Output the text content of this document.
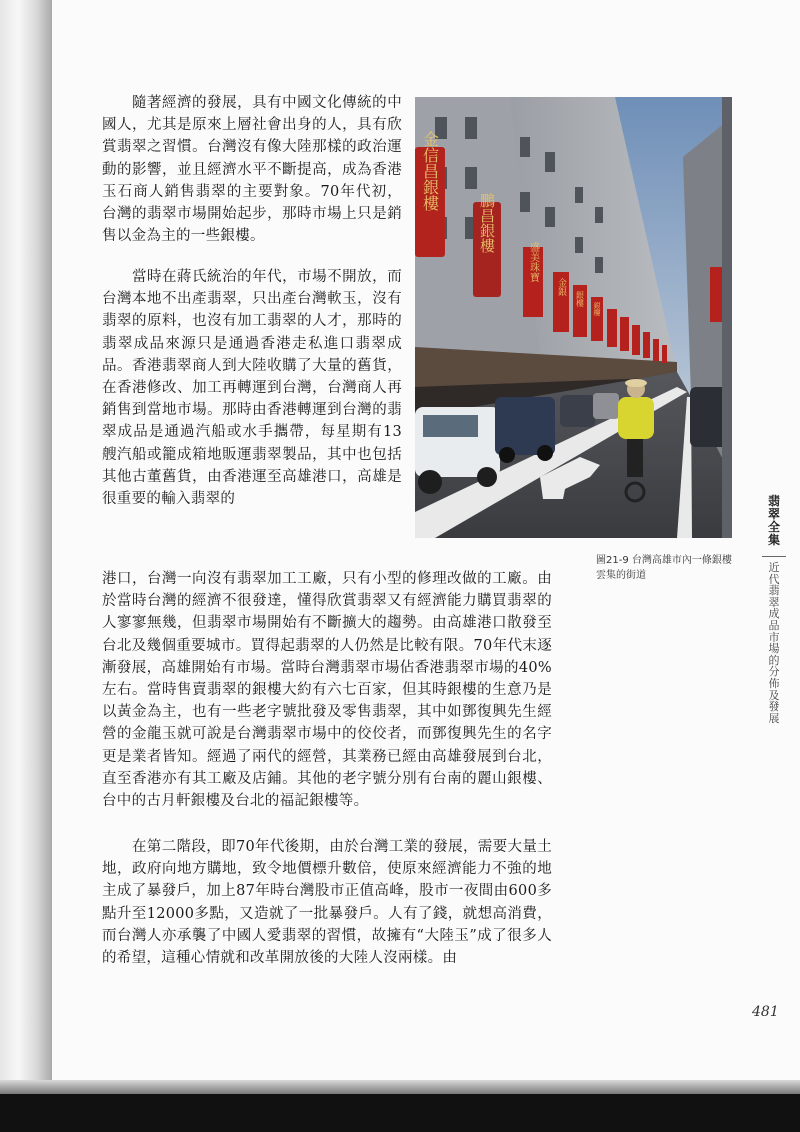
隨著經濟的發展，具有中國文化傳統的中國人，尤其是原來上層社會出身的人，具有欣賞翡翠之習慣。台灣沒有像大陸那樣的政治運動的影響，並且經濟水平不斷提高，成為香港玉石商人銷售翡翠的主要對象。70年代初，台灣的翡翠市場開始起步，那時市場上只是銷售以金為主的一些銀樓。

當時在蔣氏統治的年代，市場不開放，而台灣本地不出產翡翠，只出產台灣軟玉，沒有翡翠的原料，也沒有加工翡翠的人才，那時的翡翠成品來源只是通過香港走私進口翡翠成品。香港翡翠商人到大陸收購了大量的舊貨，在香港修改、加工再轉運到台灣，台灣商人再銷售到當地市場。那時由香港轉運到台灣的翡翠成品是通過汽船或水手攜帶，每星期有13艘汽船或籠成箱地販運翡翠製品，其中也包括其他古董舊貨，由香港運至高雄港口，高雄是很重要的輸入翡翠的

港口，台灣一向沒有翡翠加工工廠，只有小型的修理改做的工廠。由於當時台灣的經濟不很發達，懂得欣賞翡翠又有經濟能力購買翡翠的人寥寥無幾，但翡翠市場開始有不斷擴大的趨勢。由高雄港口散發至台北及幾個重要城市。買得起翡翠的人仍然是比較有限。70年代末逐漸發展，高雄開始有市場。當時台灣翡翠市場佔香港翡翠市場的40%左右。當時售賣翡翠的銀樓大約有六七百家，但其時銀樓的生意乃是以黃金為主，也有一些老字號批發及零售翡翠，其中如鄧復興先生經營的金龍玉就可說是台灣翡翠市場中的佼佼者，而鄧復興先生的名字更是業者皆知。經過了兩代的經營，其業務已經由高雄發展到台北，直至香港亦有其工廠及店鋪。其他的老字號分別有台南的麗山銀樓、台中的古月軒銀樓及台北的福記銀樓等。

在第二階段，即70年代後期，由於台灣工業的發展，需要大量土地，政府向地方購地，致令地價標升數倍，使原來經濟能力不強的地主成了暴發戶，加上87年時台灣股市正值高峰，股市一夜間由600多點升至12000多點，又造就了一批暴發戶。人有了錢，就想高消費，而台灣人亦承襲了中國人愛翡翠的習慣，故擁有“大陸玉”成了很多人的希望，這種心情就和改革開放後的大陸人沒兩樣。由

金信昌銀樓
鵬昌銀樓
盛美珠寶
金銀
銀樓
銀樓
圖21-9 台灣高雄市內一條銀樓雲集的街道
翡翠全集
近代翡翠成品市場的分佈及發展
481
